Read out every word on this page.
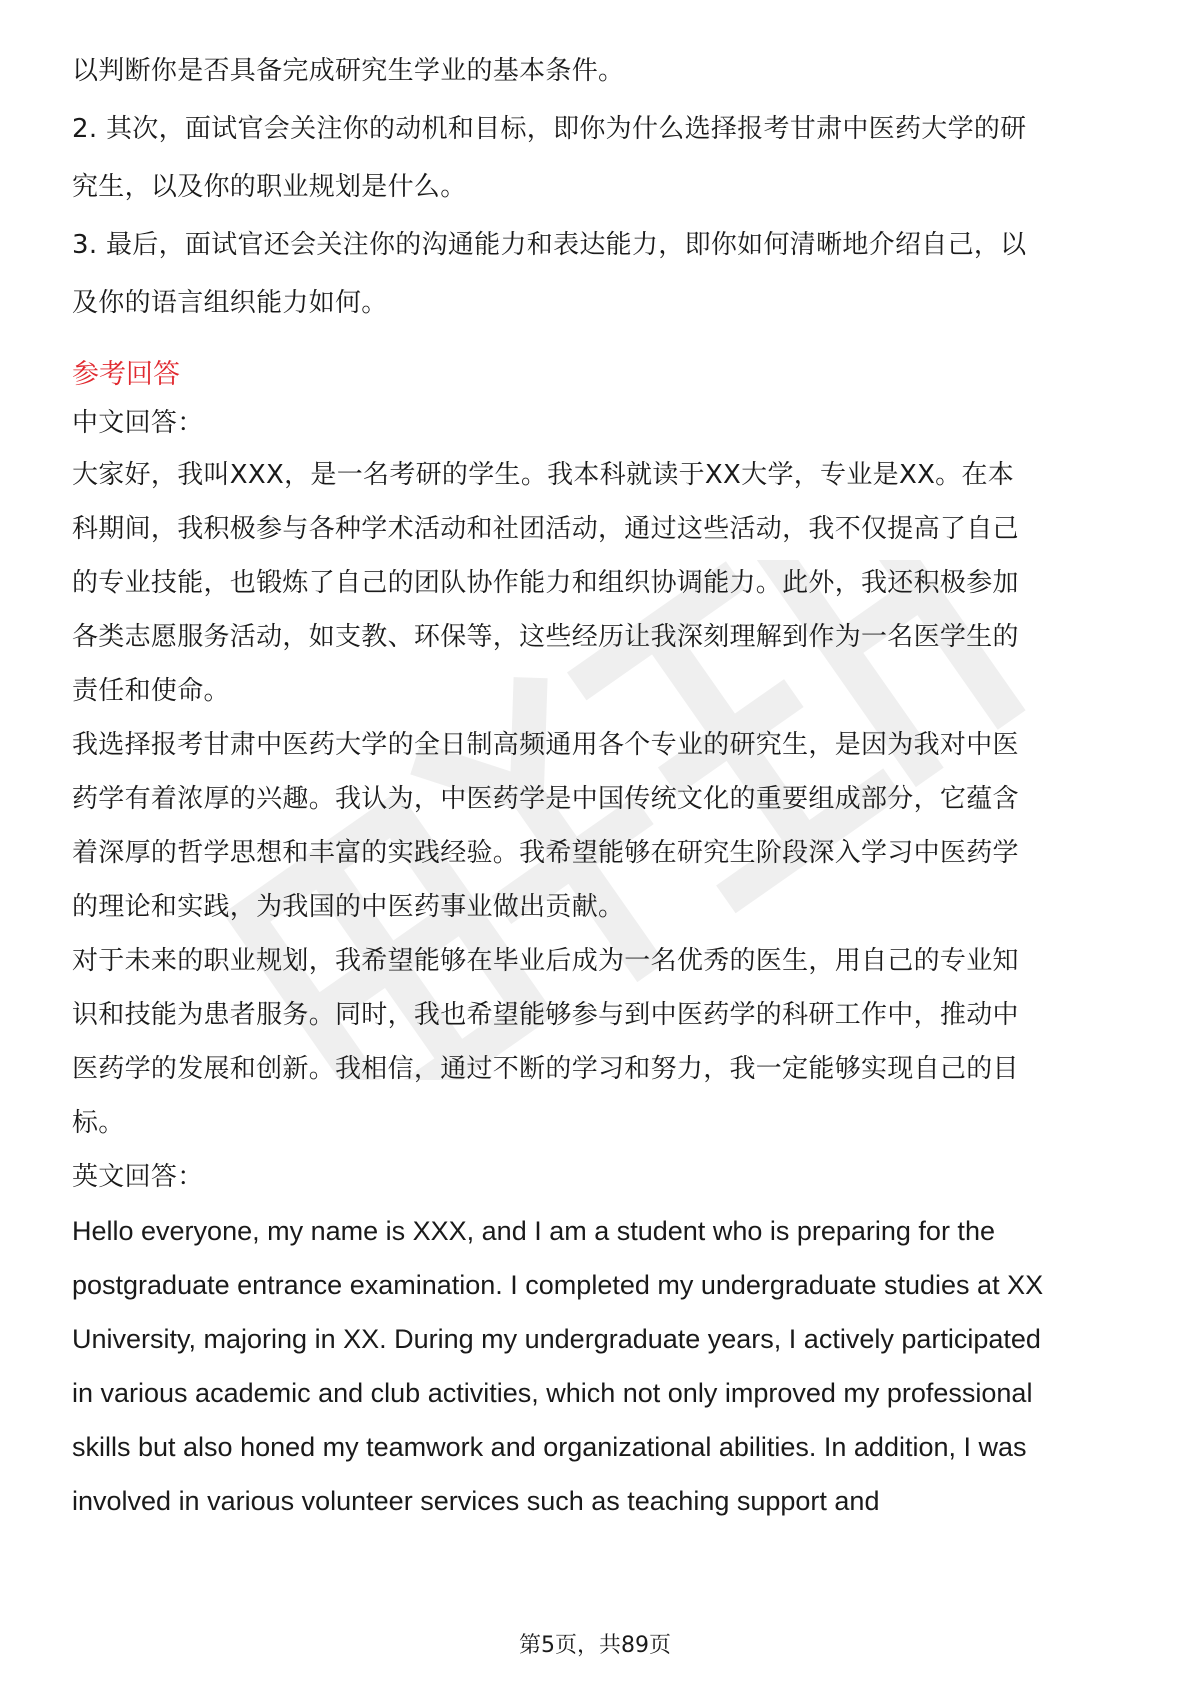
以判断你是否具备完成研究生学业的基本条件。
2. 其次，面试官会关注你的动机和目标，即你为什么选择报考甘肃中医药大学的研
究生，以及你的职业规划是什么。
3. 最后，面试官还会关注你的沟通能力和表达能力，即你如何清晰地介绍自己，以
及你的语言组织能力如何。
参考回答
中文回答：
大家好，我叫XXX，是一名考研的学生。我本科就读于XX大学，专业是XX。在本
科期间，我积极参与各种学术活动和社团活动，通过这些活动，我不仅提高了自己
的专业技能，也锻炼了自己的团队协作能力和组织协调能力。此外，我还积极参加
各类志愿服务活动，如支教、环保等，这些经历让我深刻理解到作为一名医学生的
责任和使命。
我选择报考甘肃中医药大学的全日制高频通用各个专业的研究生，是因为我对中医
药学有着浓厚的兴趣。我认为，中医药学是中国传统文化的重要组成部分，它蕴含
着深厚的哲学思想和丰富的实践经验。我希望能够在研究生阶段深入学习中医药学
的理论和实践，为我国的中医药事业做出贡献。
对于未来的职业规划，我希望能够在毕业后成为一名优秀的医生，用自己的专业知
识和技能为患者服务。同时，我也希望能够参与到中医药学的科研工作中，推动中
医药学的发展和创新。我相信，通过不断的学习和努力，我一定能够实现自己的目
标。
英文回答：
Hello everyone, my name is XXX, and I am a student who is preparing for the
postgraduate entrance examination. I completed my undergraduate studies at XX
University, majoring in XX. During my undergraduate years, I actively participated
in various academic and club activities, which not only improved my professional
skills but also honed my teamwork and organizational abilities. In addition, I was
involved in various volunteer services such as teaching support and
第5页，共89页
